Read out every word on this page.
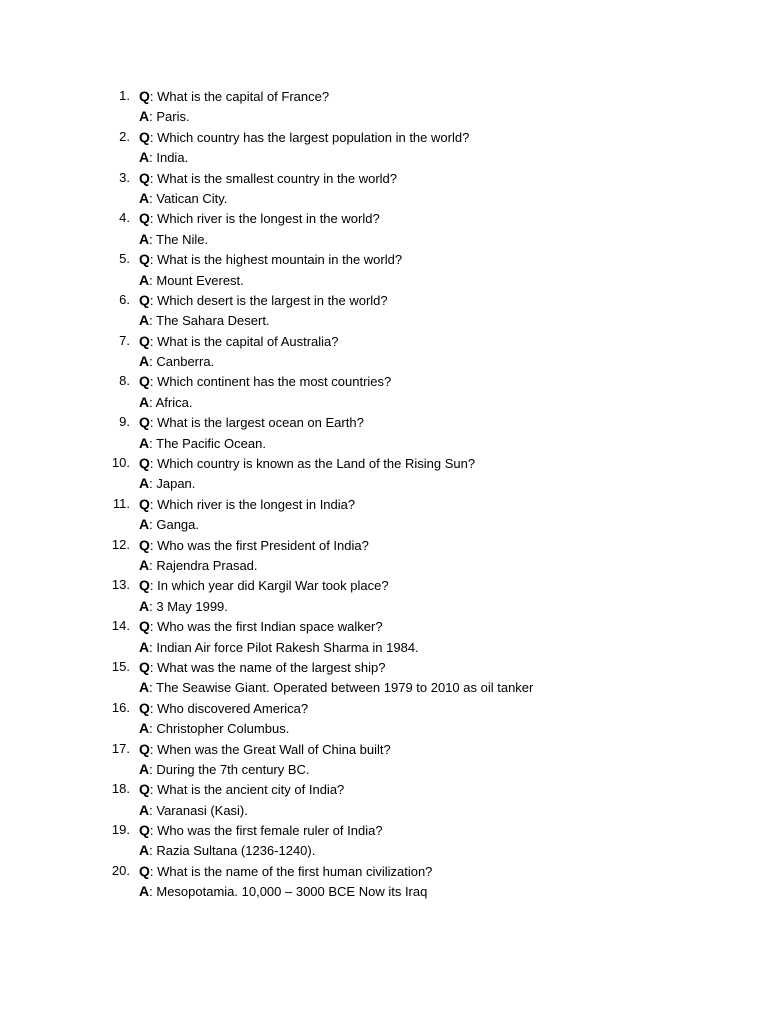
1. Q: What is the capital of France?
A: Paris.
2. Q: Which country has the largest population in the world?
A: India.
3. Q: What is the smallest country in the world?
A: Vatican City.
4. Q: Which river is the longest in the world?
A: The Nile.
5. Q: What is the highest mountain in the world?
A: Mount Everest.
6. Q: Which desert is the largest in the world?
A: The Sahara Desert.
7. Q: What is the capital of Australia?
A: Canberra.
8. Q: Which continent has the most countries?
A: Africa.
9. Q: What is the largest ocean on Earth?
A: The Pacific Ocean.
10. Q: Which country is known as the Land of the Rising Sun?
A: Japan.
11. Q: Which river is the longest in India?
A: Ganga.
12. Q: Who was the first President of India?
A: Rajendra Prasad.
13. Q: In which year did Kargil War took place?
A: 3 May 1999.
14. Q: Who was the first Indian space walker?
A: Indian Air force Pilot Rakesh Sharma in 1984.
15. Q: What was the name of the largest ship?
A: The Seawise Giant. Operated between 1979 to 2010 as oil tanker
16. Q: Who discovered America?
A: Christopher Columbus.
17. Q: When was the Great Wall of China built?
A: During the 7th century BC.
18. Q: What is the ancient city of India?
A: Varanasi (Kasi).
19. Q: Who was the first female ruler of India?
A: Razia Sultana (1236-1240).
20. Q: What is the name of the first human civilization?
A: Mesopotamia. 10,000 – 3000 BCE Now its Iraq
